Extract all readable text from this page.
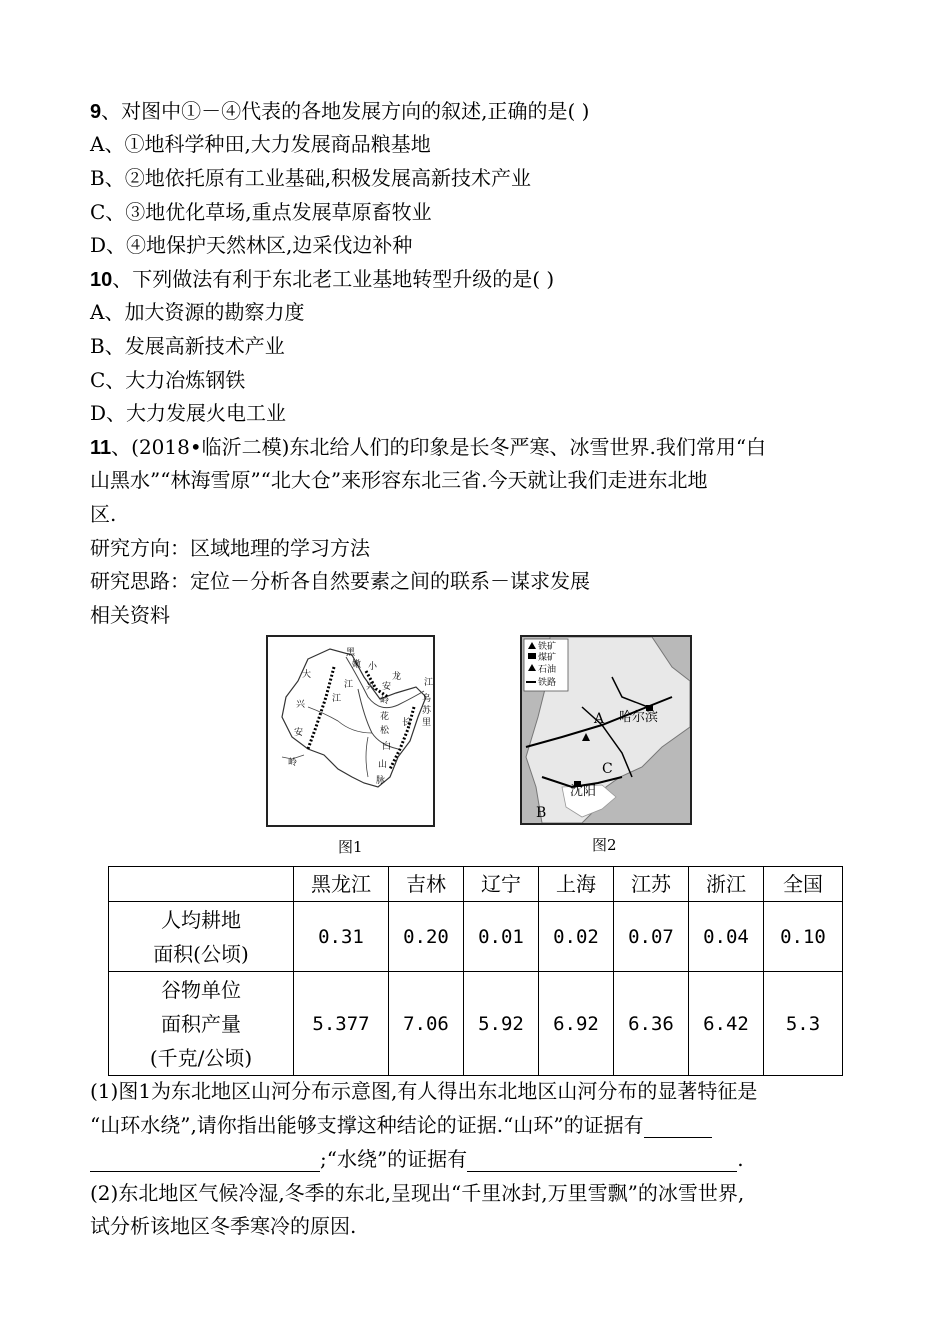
9、对图中①－④代表的各地发展方向的叙述,正确的是( )
A、①地科学种田,大力发展商品粮基地
B、②地依托原有工业基础,积极发展高新技术产业
C、③地优化草场,重点发展草原畜牧业
D、④地保护天然林区,边采伐边补种
10、下列做法有利于东北老工业基地转型升级的是( )
A、加大资源的勘察力度
B、发展高新技术产业
C、大力冶炼钢铁
D、大力发展火电工业
11、(2018•临沂二模)东北给人们的印象是长冬严寒、冰雪世界.我们常用“白
山黑水”“林海雪原”“北大仓”来形容东北三省.今天就让我们走进东北地
区.
研究方向：区域地理的学习方法
研究思路：定位－分析各自然要素之间的联系－谋求发展
相关资料
黑
嫩
大
兴
安
岭
江
小
兴 安
岭
龙
江
花
松
长
白
山
脉
江
乌
苏
里
图1
铁矿
煤矿
石油
铁路
哈尔滨
沈阳
A
B
C
图2
	黑龙江	吉林	辽宁	上海	江苏	浙江	全国

人均耕地
面积(公顷)	0.31	0.20	0.01	0.02	0.07	0.04	0.10

谷物单位
面积产量
(千克/公顷)	5.377	7.06	5.92	6.92	6.36	6.42	5.3
(1)图1为东北地区山河分布示意图,有人得出东北地区山河分布的显著特征是
“山环水绕”,请你指出能够支撑这种结论的证据.“山环”的证据有
;“水绕”的证据有	.
(2)东北地区气候冷湿,冬季的东北,呈现出“千里冰封,万里雪飘”的冰雪世界,
试分析该地区冬季寒冷的原因.
